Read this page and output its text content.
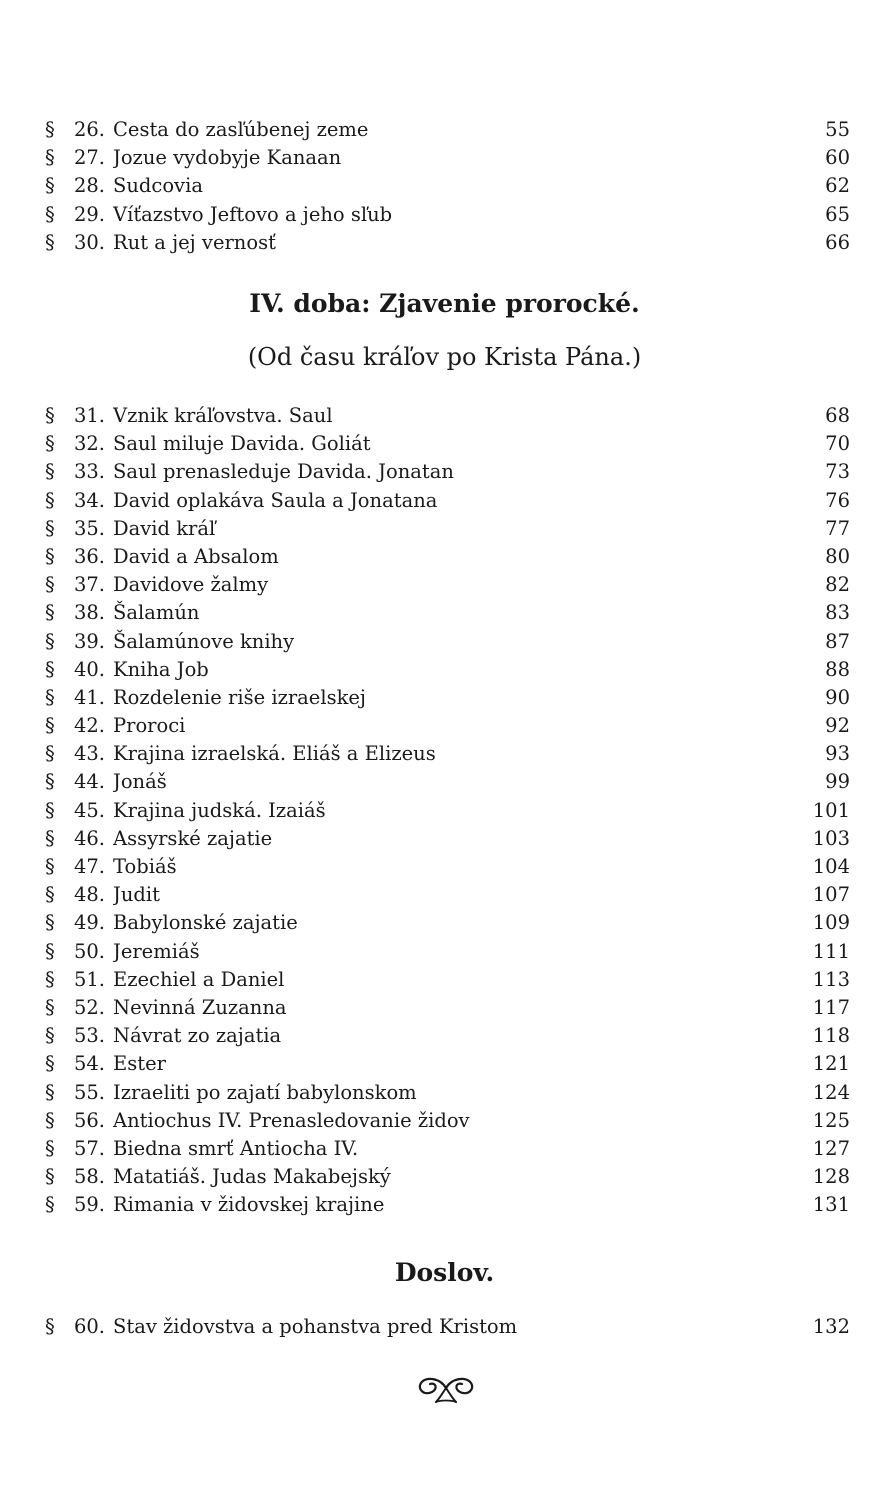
§ 26. Cesta do zasľúbenej zeme	55
§ 27. Jozue vydobyje Kanaan	60
§ 28. Sudcovia	62
§ 29. Víťazstvo Jeftovo a jeho sľub	65
§ 30. Rut a jej vernosť	66
IV. doba: Zjavenie prorocké.
(Od času kráľov po Krista Pána.)
§ 31. Vznik kráľovstva. Saul	68
§ 32. Saul miluje Davida. Goliát	70
§ 33. Saul prenasleduje Davida. Jonatan	73
§ 34. David oplakáva Saula a Jonatana	76
§ 35. David kráľ	77
§ 36. David a Absalom	80
§ 37. Davidove žalmy	82
§ 38. Šalamún	83
§ 39. Šalamúnove knihy	87
§ 40. Kniha Job	88
§ 41. Rozdelenie riše izraelskej	90
§ 42. Proroci	92
§ 43. Krajina izraelská. Eliáš a Elizeus	93
§ 44. Jonáš	99
§ 45. Krajina judská. Izaiáš	101
§ 46. Assyrské zajatie	103
§ 47. Tobiáš	104
§ 48. Judit	107
§ 49. Babylonské zajatie	109
§ 50. Jeremiáš	111
§ 51. Ezechiel a Daniel	113
§ 52. Nevinná Zuzanna	117
§ 53. Návrat zo zajatia	118
§ 54. Ester	121
§ 55. Izraeliti po zajatí babylonskom	124
§ 56. Antiochus IV. Prenasledovanie židov	125
§ 57. Biedna smrť Antiocha IV.	127
§ 58. Matatiáš. Judas Makabejský	128
§ 59. Rimania v židovskej krajine	131
Doslov.
§ 60. Stav židovstva a pohanstva pred Kristom	132
